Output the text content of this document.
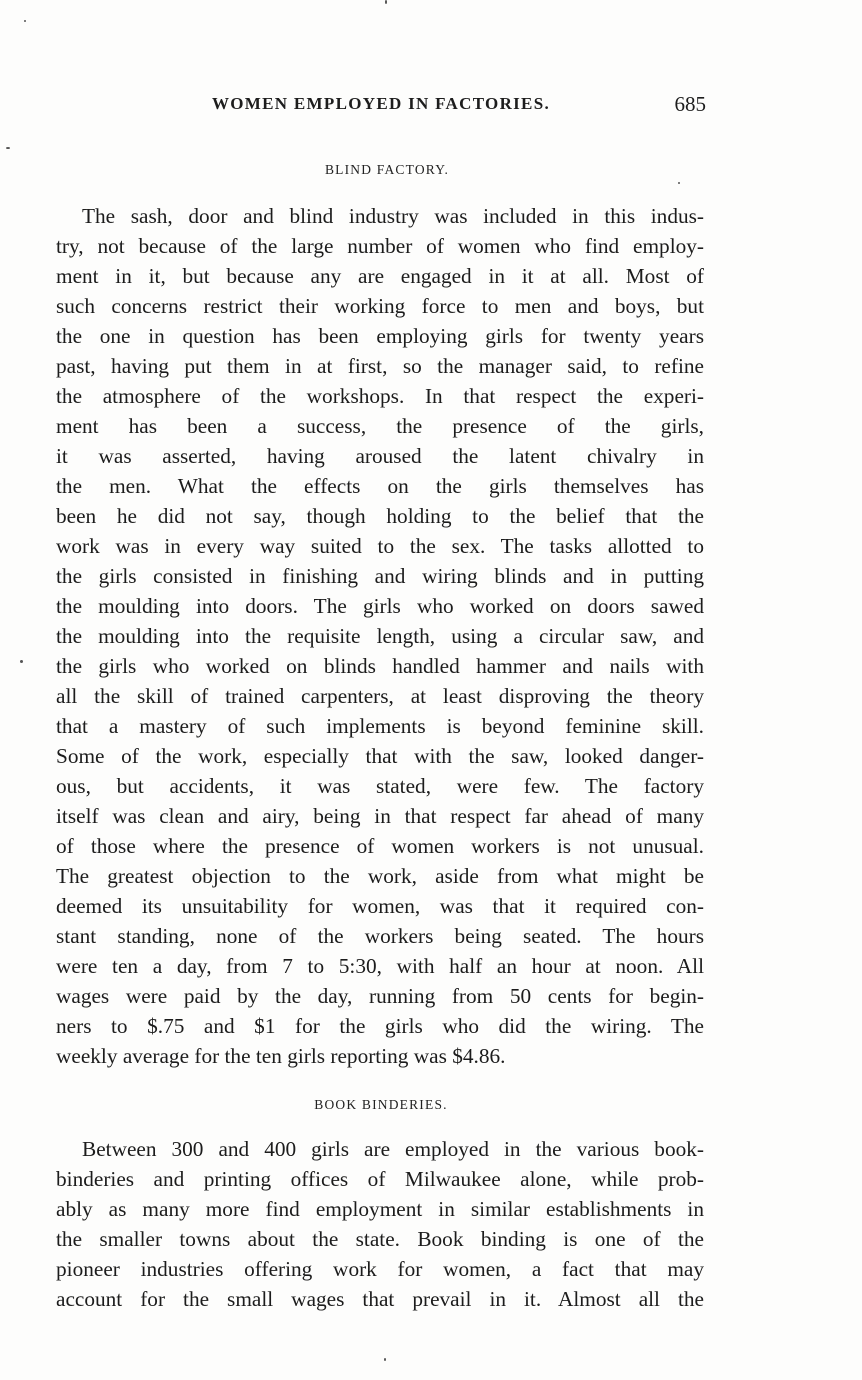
WOMEN EMPLOYED IN FACTORIES.	685
BLIND FACTORY.
The sash, door and blind industry was included in this indus-
try, not because of the large number of women who find employ-
ment in it, but because any are engaged in it at all. Most of
such concerns restrict their working force to men and boys, but
the one in question has been employing girls for twenty years
past, having put them in at first, so the manager said, to refine
the atmosphere of the workshops. In that respect the experi-
ment has been a success, the presence of the girls,
it was asserted, having aroused the latent chivalry in
the men. What the effects on the girls themselves has
been he did not say, though holding to the belief that the
work was in every way suited to the sex. The tasks allotted to
the girls consisted in finishing and wiring blinds and in putting
the moulding into doors. The girls who worked on doors sawed
the moulding into the requisite length, using a circular saw, and
the girls who worked on blinds handled hammer and nails with
all the skill of trained carpenters, at least disproving the theory
that a mastery of such implements is beyond feminine skill.
Some of the work, especially that with the saw, looked danger-
ous, but accidents, it was stated, were few. The factory
itself was clean and airy, being in that respect far ahead of many
of those where the presence of women workers is not unusual.
The greatest objection to the work, aside from what might be
deemed its unsuitability for women, was that it required con-
stant standing, none of the workers being seated. The hours
were ten a day, from 7 to 5:30, with half an hour at noon. All
wages were paid by the day, running from 50 cents for begin-
ners to $.75 and $1 for the girls who did the wiring. The
weekly average for the ten girls reporting was $4.86.
BOOK BINDERIES.
Between 300 and 400 girls are employed in the various book-
binderies and printing offices of Milwaukee alone, while prob-
ably as many more find employment in similar establishments in
the smaller towns about the state. Book binding is one of the
pioneer industries offering work for women, a fact that may
account for the small wages that prevail in it. Almost all the
